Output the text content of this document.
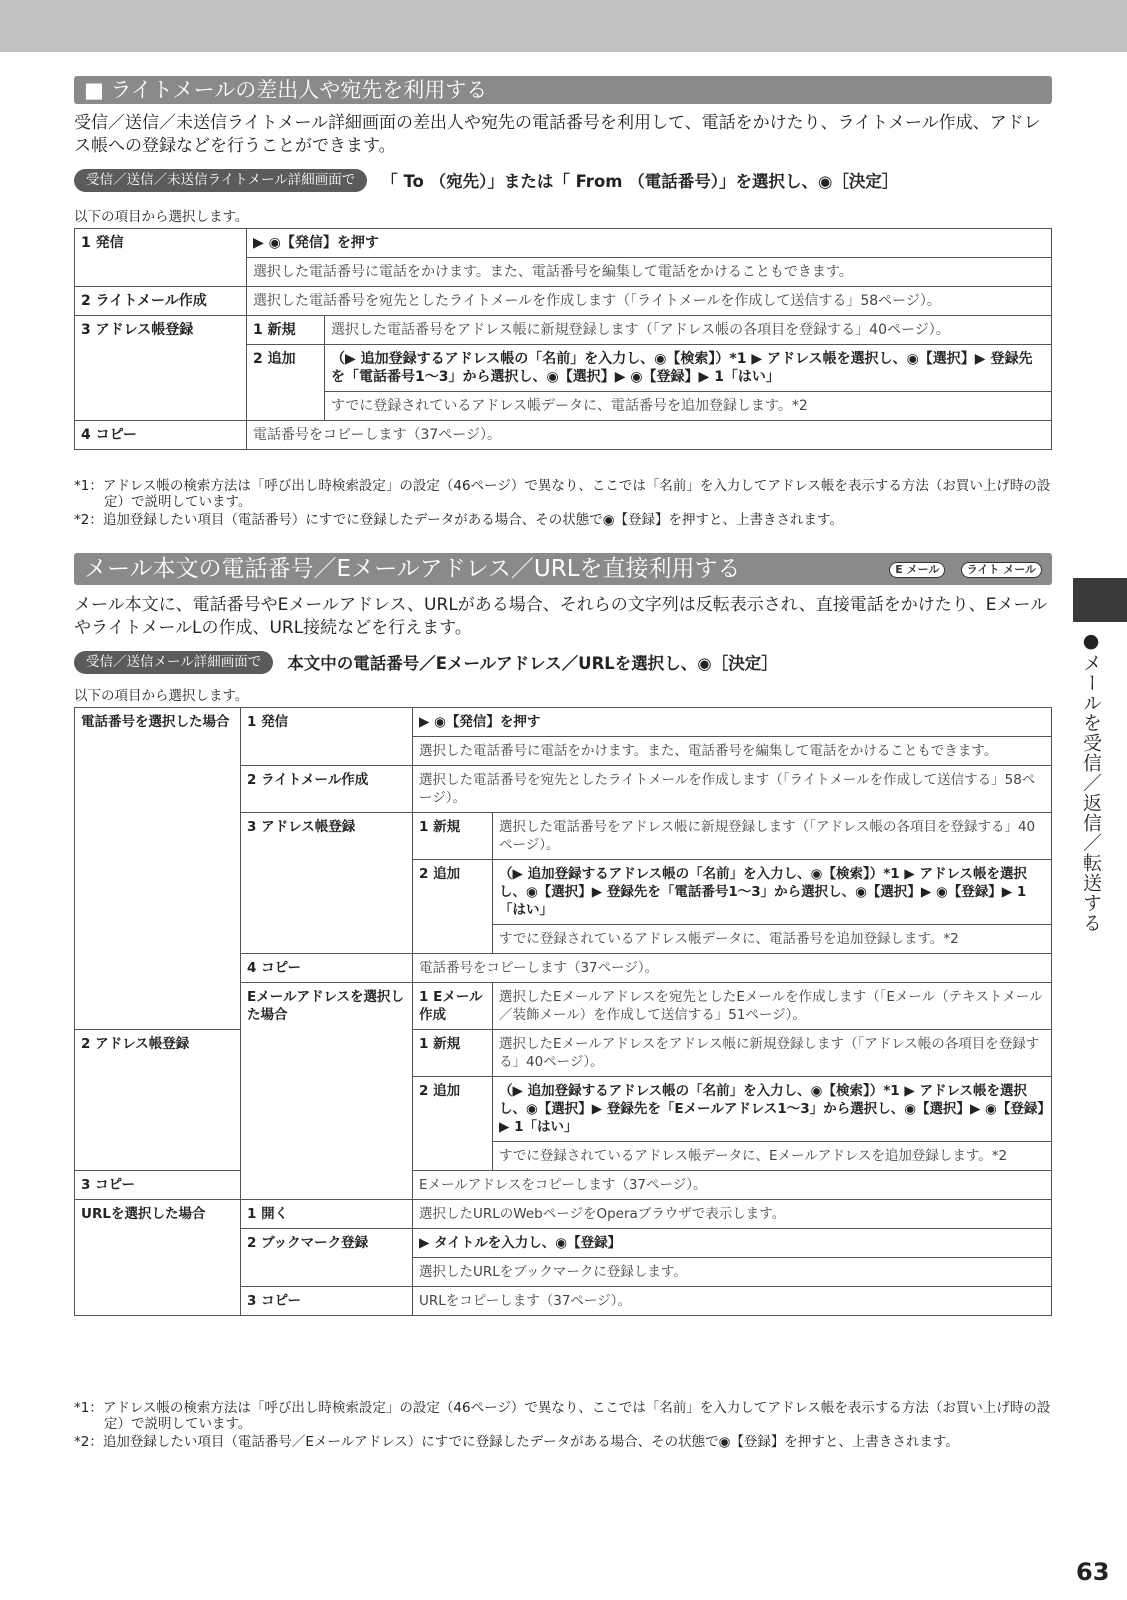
■ ライトメールの差出人や宛先を利用する
受信／送信／未送信ライトメール詳細画面の差出人や宛先の電話番号を利用して、電話をかけたり、ライトメール作成、アドレス帳への登録などを行うことができます。
受信／送信／未送信ライトメール詳細画面で	「 To （宛先）」または「 From （電話番号）」を選択し、◉［決定］
以下の項目から選択します。
1 発信	▶ ◉【発信】を押す	
	選択した電話番号に電話をかけます。また、電話番号を編集して電話をかけることもできます。	
2 ライトメール作成	選択した電話番号を宛先としたライトメールを作成します（「ライトメールを作成して送信する」58ページ）。	
3 アドレス帳登録	1 新規	選択した電話番号をアドレス帳に新規登録します（「アドレス帳の各項目を登録する」40ページ）。
	2 追加	（▶ 追加登録するアドレス帳の「名前」を入力し、◉【検索】）*1 ▶ アドレス帳を選択し、◉【選択】▶ 登録先を「電話番号1〜3」から選択し、◉【選択】▶ ◉【登録】▶ 1「はい」
		すでに登録されているアドレス帳データに、電話番号を追加登録します。*2
4 コピー	電話番号をコピーします（37ページ）。	

*1：アドレス帳の検索方法は「呼び出し時検索設定」の設定（46ページ）で異なり、ここでは「名前」を入力してアドレス帳を表示する方法（お買い上げ時の設定）で説明しています。

*2：追加登録したい項目（電話番号）にすでに登録したデータがある場合、その状態で◉【登録】を押すと、上書きされます。

メール本文の電話番号／Eメールアドレス／URLを直接利用する	E メール ライト メール
メール本文に、電話番号やEメールアドレス、URLがある場合、それらの文字列は反転表示され、直接電話をかけたり、EメールやライトメールLの作成、URL接続などを行えます。
受信／送信メール詳細画面で	本文中の電話番号／Eメールアドレス／URLを選択し、◉［決定］
以下の項目から選択します。
電話番号を選択した場合	1 発信	▶ ◉【発信】を押す	
		選択した電話番号に電話をかけます。また、電話番号を編集して電話をかけることもできます。	
	2 ライトメール作成	選択した電話番号を宛先としたライトメールを作成します（「ライトメールを作成して送信する」58ページ）。	
	3 アドレス帳登録	1 新規	選択した電話番号をアドレス帳に新規登録します（「アドレス帳の各項目を登録する」40ページ）。
		2 追加	（▶ 追加登録するアドレス帳の「名前」を入力し、◉【検索】）*1 ▶ アドレス帳を選択し、◉【選択】▶ 登録先を「電話番号1〜3」から選択し、◉【選択】▶ ◉【登録】▶ 1「はい」
			すでに登録されているアドレス帳データに、電話番号を追加登録します。*2
	4 コピー	電話番号をコピーします（37ページ）。	
	Eメールアドレスを選択した場合	1 Eメール作成	選択したEメールアドレスを宛先としたEメールを作成します（「Eメール（テキストメール／装飾メール）を作成して送信する」51ページ）。
2 アドレス帳登録		1 新規	選択したEメールアドレスをアドレス帳に新規登録します（「アドレス帳の各項目を登録する」40ページ）。
		2 追加	（▶ 追加登録するアドレス帳の「名前」を入力し、◉【検索】）*1 ▶ アドレス帳を選択し、◉【選択】▶ 登録先を「Eメールアドレス1〜3」から選択し、◉【選択】▶ ◉【登録】▶ 1「はい」
			すでに登録されているアドレス帳データに、Eメールアドレスを追加登録します。*2
3 コピー		Eメールアドレスをコピーします（37ページ）。	
URLを選択した場合	1 開く	選択したURLのWebページをOperaブラウザで表示します。	
	2 ブックマーク登録	▶ タイトルを入力し、◉【登録】	
		選択したURLをブックマークに登録します。	
	3 コピー	URLをコピーします（37ページ）。	

*1：アドレス帳の検索方法は「呼び出し時検索設定」の設定（46ページ）で異なり、ここでは「名前」を入力してアドレス帳を表示する方法（お買い上げ時の設定）で説明しています。

*2：追加登録したい項目（電話番号／Eメールアドレス）にすでに登録したデータがある場合、その状態で◉【登録】を押すと、上書きされます。

●メールを受信／返信／転送する
63
